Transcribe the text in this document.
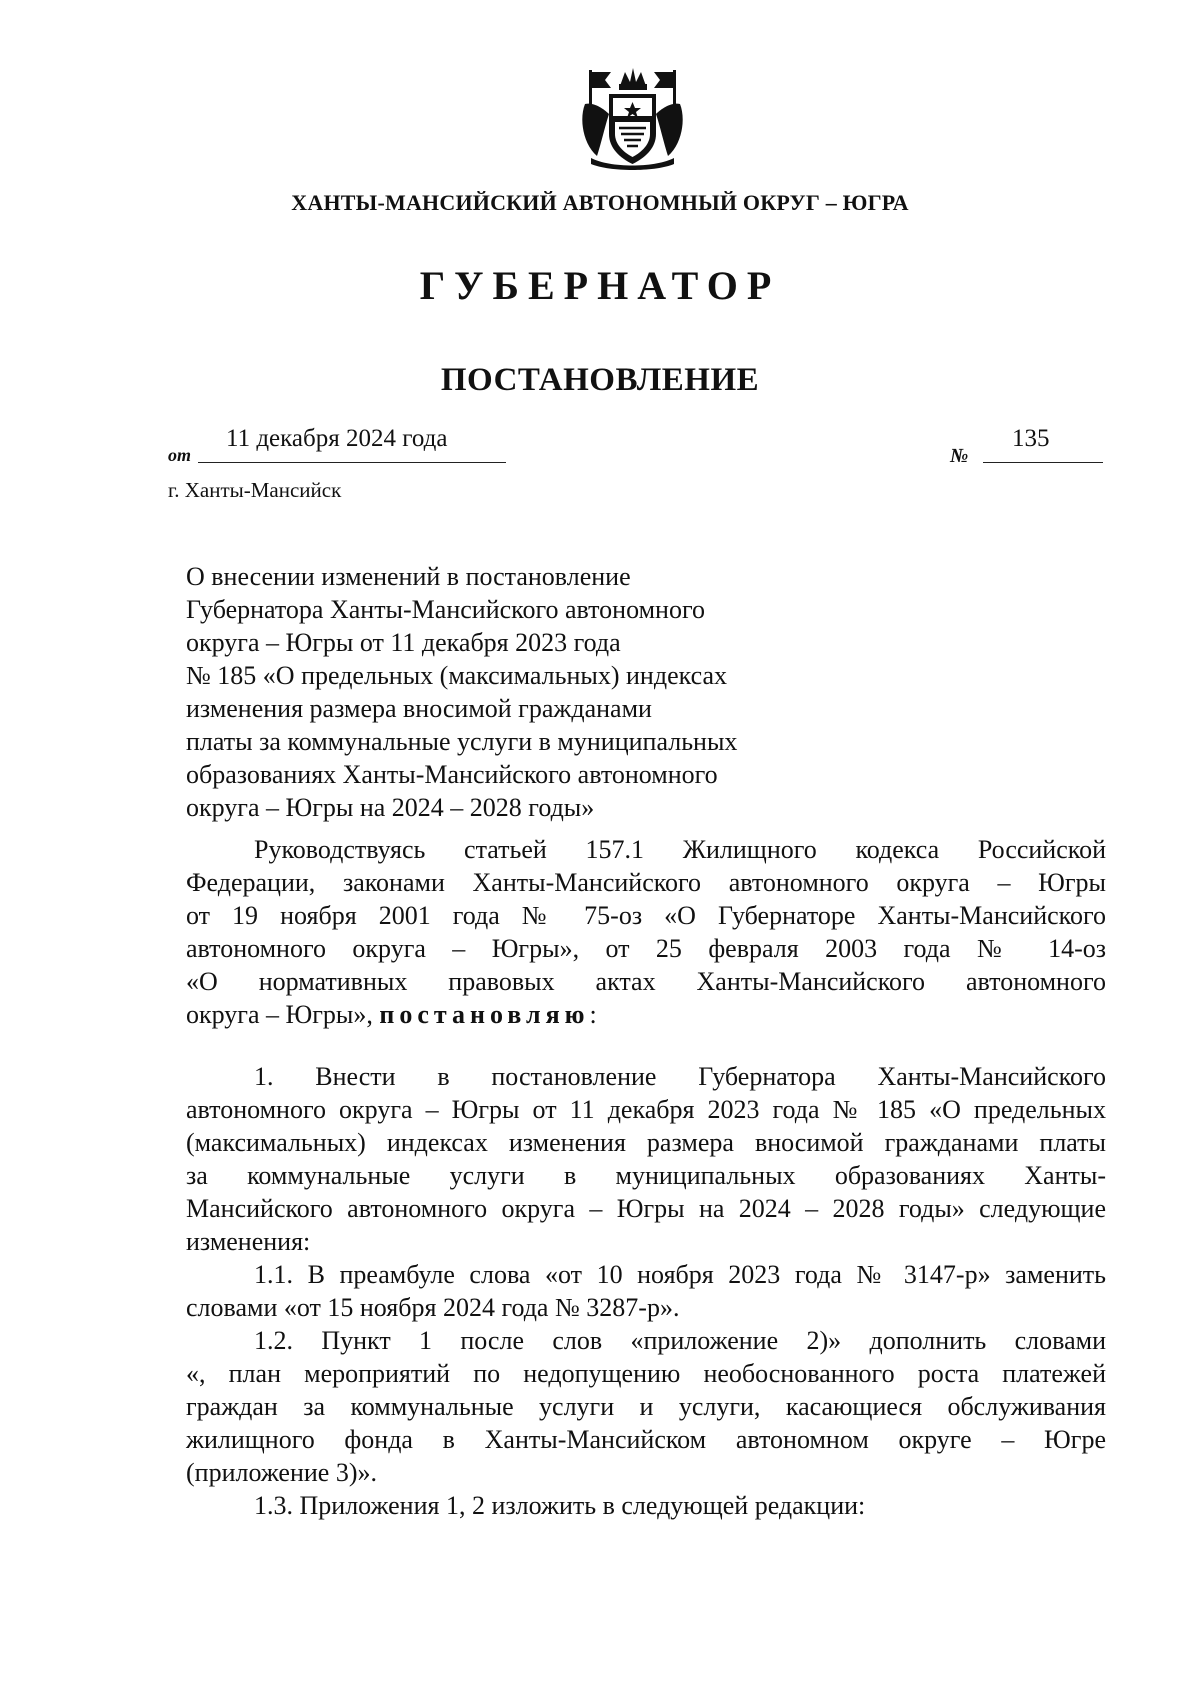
ХАНТЫ-МАНСИЙСКИЙ АВТОНОМНЫЙ ОКРУГ – ЮГРА
ГУБЕРНАТОР
ПОСТАНОВЛЕНИЕ
от
11 декабря 2024 года
№
135
г. Ханты-Мансийск
О внесении изменений в постановление
Губернатора Ханты-Мансийского автономного
округа – Югры от 11 декабря 2023 года
№ 185 «О предельных (максимальных) индексах
изменения размера вносимой гражданами
платы за коммунальные услуги в муниципальных
образованиях Ханты-Мансийского автономного
округа – Югры на 2024 – 2028 годы»
Руководствуясь статьей 157.1 Жилищного кодекса Российской
Федерации, законами Ханты-Мансийского автономного округа – Югры
от 19 ноября 2001 года № 75-оз «О Губернаторе Ханты-Мансийского
автономного округа – Югры», от 25 февраля 2003 года № 14-оз
«О нормативных правовых актах Ханты-Мансийского автономного
округа – Югры», постановляю:
1. Внести в постановление Губернатора Ханты-Мансийского
автономного округа – Югры от 11 декабря 2023 года № 185 «О предельных
(максимальных) индексах изменения размера вносимой гражданами платы
за коммунальные услуги в муниципальных образованиях Ханты-
Мансийского автономного округа – Югры на 2024 – 2028 годы» следующие
изменения:
1.1. В преамбуле слова «от 10 ноября 2023 года № 3147-р» заменить
словами «от 15 ноября 2024 года № 3287-р».
1.2. Пункт 1 после слов «приложение 2)» дополнить словами
«, план мероприятий по недопущению необоснованного роста платежей
граждан за коммунальные услуги и услуги, касающиеся обслуживания
жилищного фонда в Ханты-Мансийском автономном округе – Югре
(приложение 3)».
1.3. Приложения 1, 2 изложить в следующей редакции:
